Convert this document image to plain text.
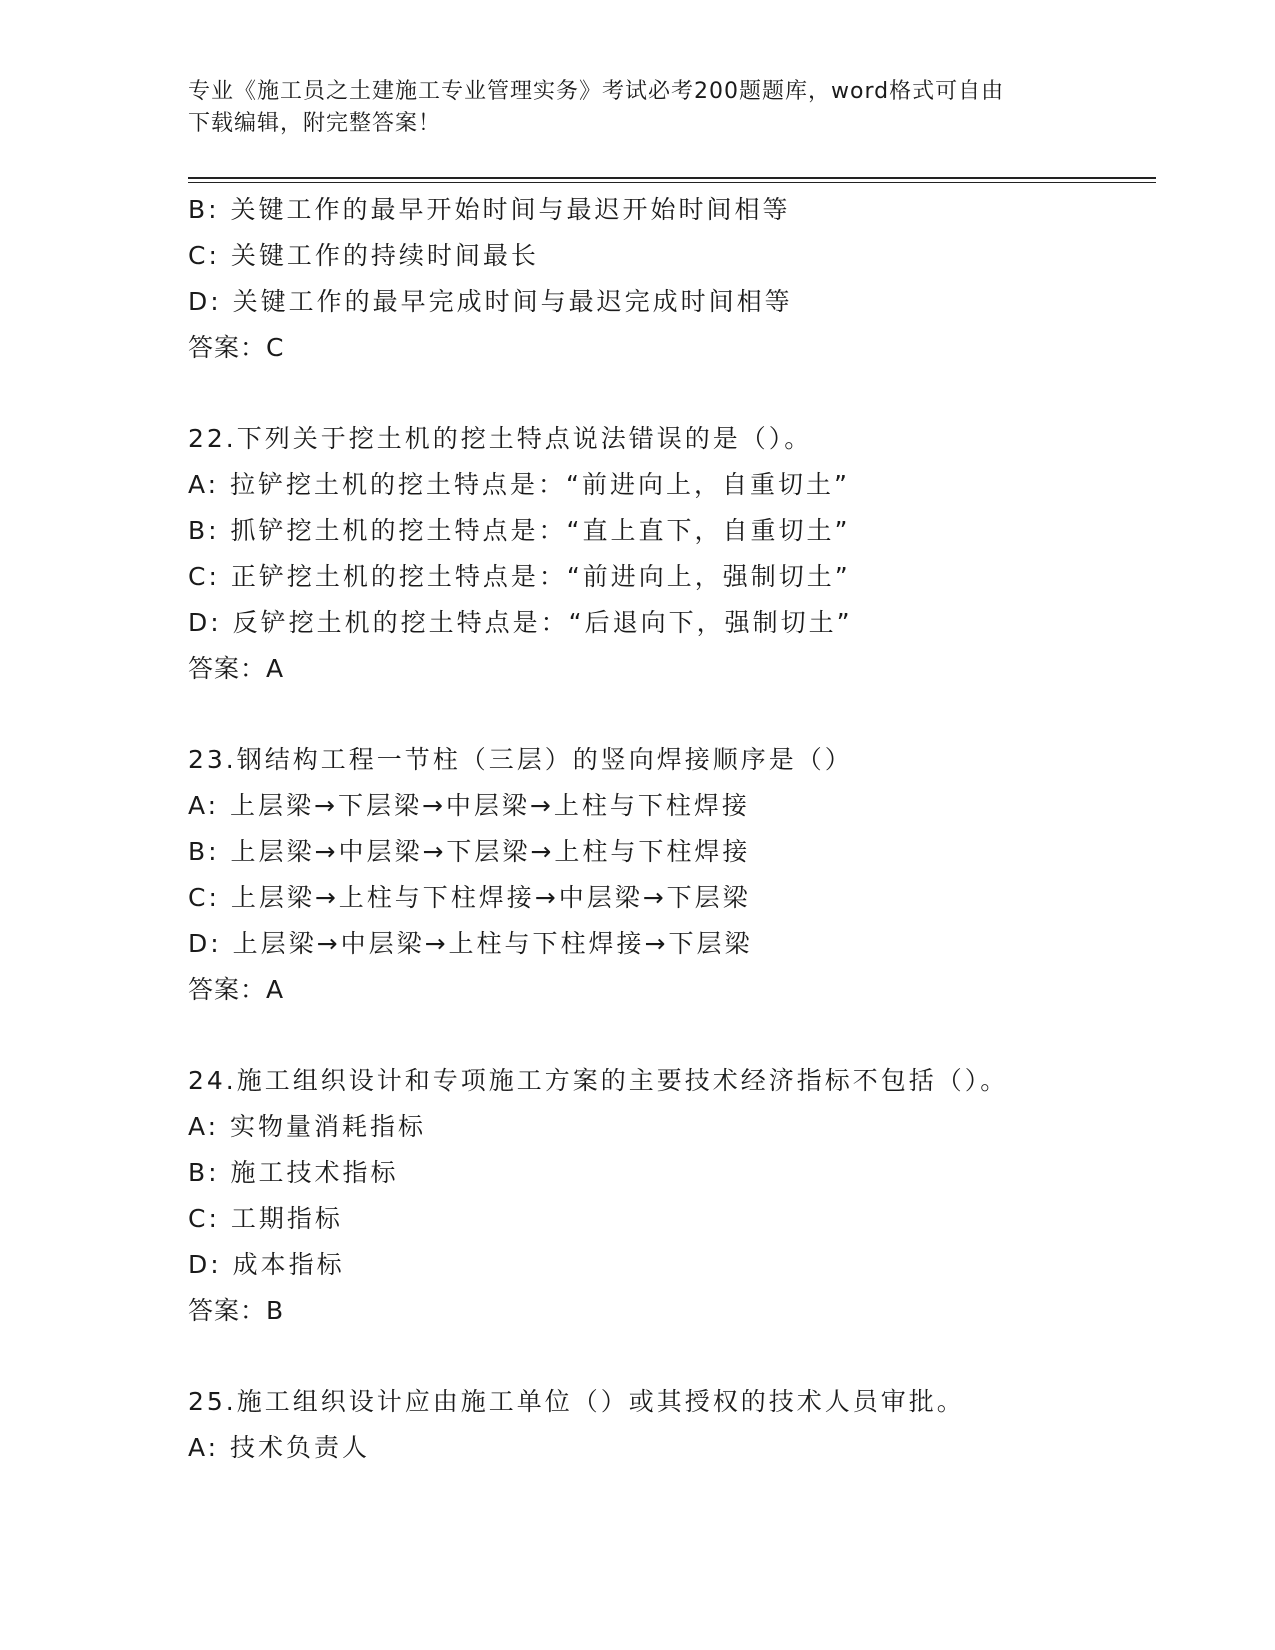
专业《施工员之土建施工专业管理实务》考试必考200题题库，word格式可自由
下载编辑，附完整答案！
B: 关键工作的最早开始时间与最迟开始时间相等
C: 关键工作的持续时间最长
D: 关键工作的最早完成时间与最迟完成时间相等
答案：C
22.下列关于挖土机的挖土特点说法错误的是（）。
A: 拉铲挖土机的挖土特点是：“前进向上，自重切土”
B: 抓铲挖土机的挖土特点是：“直上直下，自重切土”
C: 正铲挖土机的挖土特点是：“前进向上，强制切土”
D: 反铲挖土机的挖土特点是：“后退向下，强制切土”
答案：A
23.钢结构工程一节柱（三层）的竖向焊接顺序是（）
A: 上层梁→下层梁→中层梁→上柱与下柱焊接
B: 上层梁→中层梁→下层梁→上柱与下柱焊接
C: 上层梁→上柱与下柱焊接→中层梁→下层梁
D: 上层梁→中层梁→上柱与下柱焊接→下层梁
答案：A
24.施工组织设计和专项施工方案的主要技术经济指标不包括（）。
A: 实物量消耗指标
B: 施工技术指标
C: 工期指标
D: 成本指标
答案：B
25.施工组织设计应由施工单位（）或其授权的技术人员审批。
A: 技术负责人
